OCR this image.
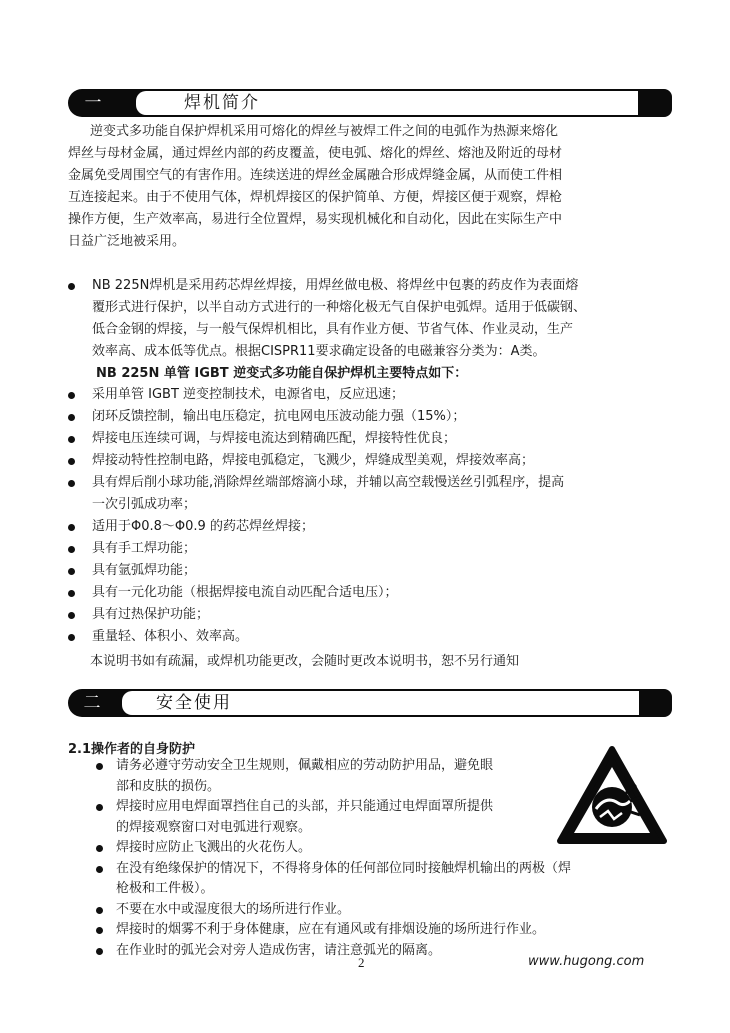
一	焊机简介
逆变式多功能自保护焊机采用可熔化的焊丝与被焊工件之间的电弧作为热源来熔化
焊丝与母材金属，通过焊丝内部的药皮覆盖，使电弧、熔化的焊丝、熔池及附近的母材
金属免受周围空气的有害作用。连续送进的焊丝金属融合形成焊缝金属，从而使工件相
互连接起来。由于不使用气体，焊机焊接区的保护简单、方便，焊接区便于观察，焊枪
操作方便，生产效率高，易进行全位置焊，易实现机械化和自动化，因此在实际生产中
日益广泛地被采用。
NB 225N焊机是采用药芯焊丝焊接，用焊丝做电极、将焊丝中包裹的药皮作为表面熔
覆形式进行保护，以半自动方式进行的一种熔化极无气自保护电弧焊。适用于低碳钢、
低合金钢的焊接，与一般气保焊机相比，具有作业方便、节省气体、作业灵动，生产
效率高、成本低等优点。根据CISPR11要求确定设备的电磁兼容分类为：A类。
NB 225N 单管 IGBT 逆变式多功能自保护焊机主要特点如下：
采用单管 IGBT 逆变控制技术，电源省电，反应迅速；
闭环反馈控制，输出电压稳定，抗电网电压波动能力强（15%）；
焊接电压连续可调，与焊接电流达到精确匹配，焊接特性优良；
焊接动特性控制电路，焊接电弧稳定，飞溅少，焊缝成型美观，焊接效率高；
具有焊后削小球功能,消除焊丝端部熔滴小球，并辅以高空载慢送丝引弧程序，提高
一次引弧成功率；
适用于Φ0.8～Φ0.9 的药芯焊丝焊接；
具有手工焊功能；
具有氩弧焊功能；
具有一元化功能（根据焊接电流自动匹配合适电压）；
具有过热保护功能；
重量轻、体积小、效率高。
本说明书如有疏漏，或焊机功能更改，会随时更改本说明书，恕不另行通知
二	安全使用
2.1操作者的自身防护
请务必遵守劳动安全卫生规则，佩戴相应的劳动防护用品，避免眼
部和皮肤的损伤。
焊接时应用电焊面罩挡住自己的头部，并只能通过电焊面罩所提供
的焊接观察窗口对电弧进行观察。
焊接时应防止飞溅出的火花伤人。
在没有绝缘保护的情况下，不得将身体的任何部位同时接触焊机输出的两极（焊
枪极和工件极）。
不要在水中或湿度很大的场所进行作业。
焊接时的烟雾不利于身体健康，应在有通风或有排烟设施的场所进行作业。
在作业时的弧光会对旁人造成伤害，请注意弧光的隔离。
2	www.hugong.com
